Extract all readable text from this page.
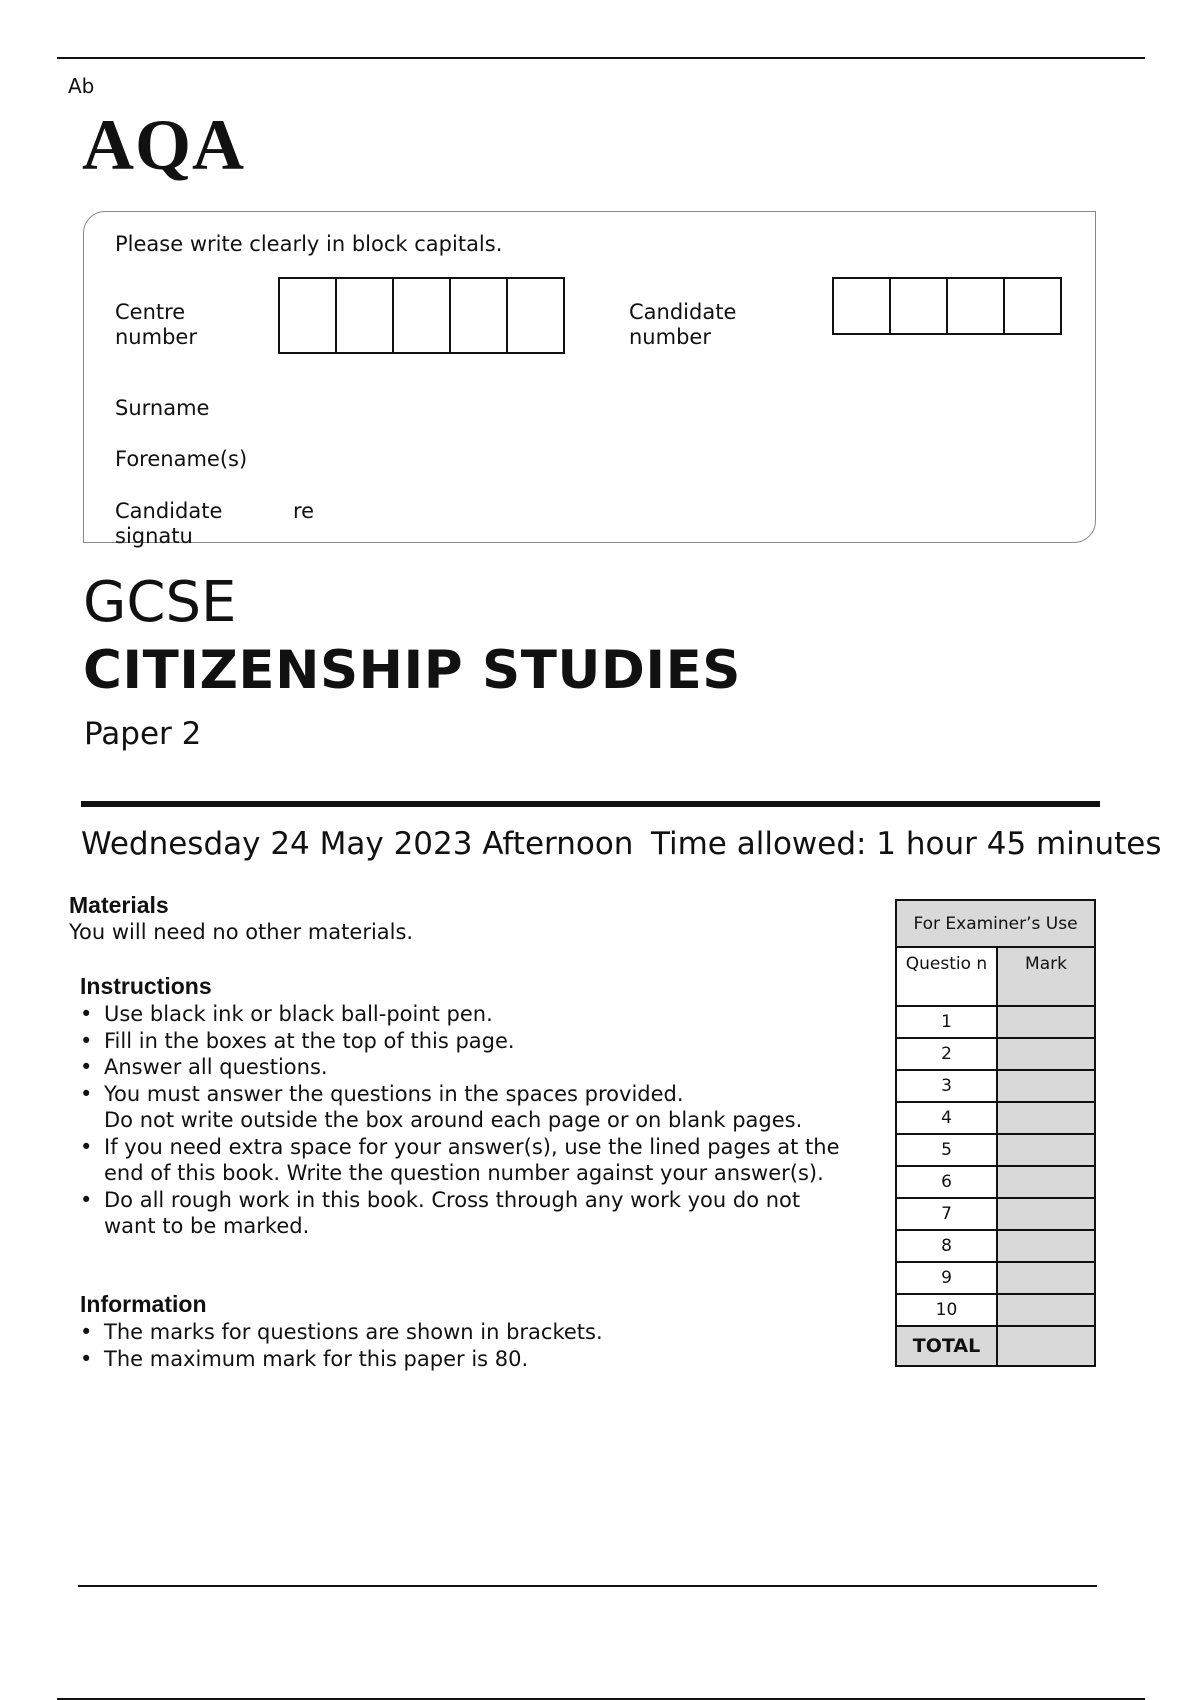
Ab
AQA
Please write clearly in block capitals.
Centre number
Candidate number
Surname
Forename(s)
Candidate signatu
re
GCSE
CITIZENSHIP STUDIES
Paper 2
Wednesday 24 May 2023 Afternoon Time allowed: 1 hour 45 minutes
Materials
You will need no other materials.
Instructions
• Use black ink or black ball-point pen.
• Fill in the boxes at the top of this page.
• Answer all questions.
• You must answer the questions in the spaces provided.
Do not write outside the box around each page or on blank pages.
• If you need extra space for your answer(s), use the lined pages at the end of this book. Write the question number against your answer(s).
• Do all rough work in this book. Cross through any work you do not want to be marked.
Information
• The marks for questions are shown in brackets.
• The maximum mark for this paper is 80.
For Examiner’s Use	
Questio n	Mark
1	
2	
3	
4	
5	
6	
7	
8	
9	
10	
TOTAL	
